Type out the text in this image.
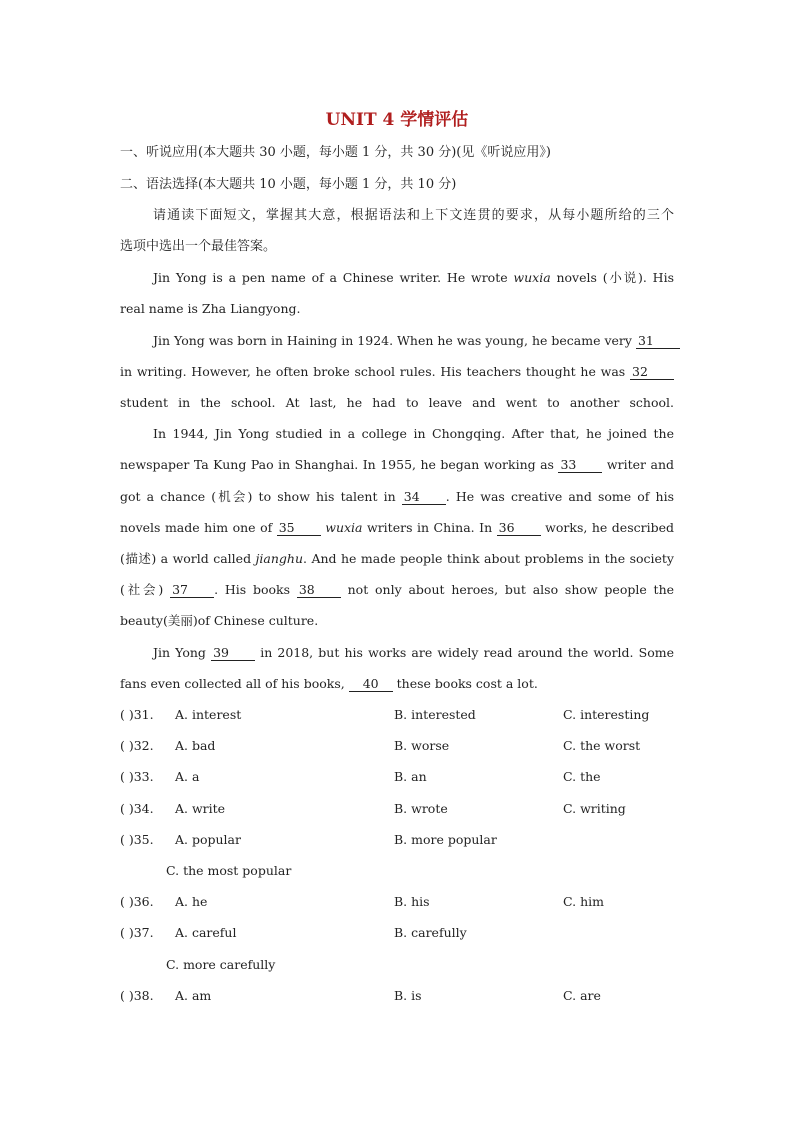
UNIT 4 学情评估
一、听说应用(本大题共 30 小题，每小题 1 分，共 30 分)(见《听说应用》)
二、语法选择(本大题共 10 小题，每小题 1 分，共 10 分)
请通读下面短文，掌握其大意，根据语法和上下文连贯的要求，从每小题所给的三个
选项中选出一个最佳答案。
Jin Yong is a pen name of a Chinese writer. He wrote wuxia novels (小说). His
real name is Zha Liangyong.
Jin Yong was born in Haining in 1924. When he was young, he became very 31
in writing. However, he often broke school rules. His teachers thought he was 32
student in the school. At last, he had to leave and went to another school.
In 1944, Jin Yong studied in a college in Chongqing. After that, he joined the
newspaper Ta Kung Pao in Shanghai. In 1955, he began working as 33 writer and
got a chance (机会) to show his talent in 34 . He was creative and some of his
novels made him one of 35 wuxia writers in China. In 36 works, he described
(描述) a world called jianghu. And he made people think about problems in the society
(社会) 37 . His books 38 not only about heroes, but also show people the
beauty(美丽)of Chinese culture.
Jin Yong 39 in 2018, but his works are widely read around the world. Some
fans even collected all of his books, 40 these books cost a lot.
( )31. A. interest	B. interested	C. interesting
( )32. A. bad	B. worse	C. the worst
( )33. A. a	B. an	C. the
( )34. A. write	B. wrote	C. writing
( )35. A. popular	B. more popular
C. the most popular
( )36. A. he	B. his	C. him
( )37. A. careful	B. carefully
C. more carefully
( )38. A. am	B. is	C. are
